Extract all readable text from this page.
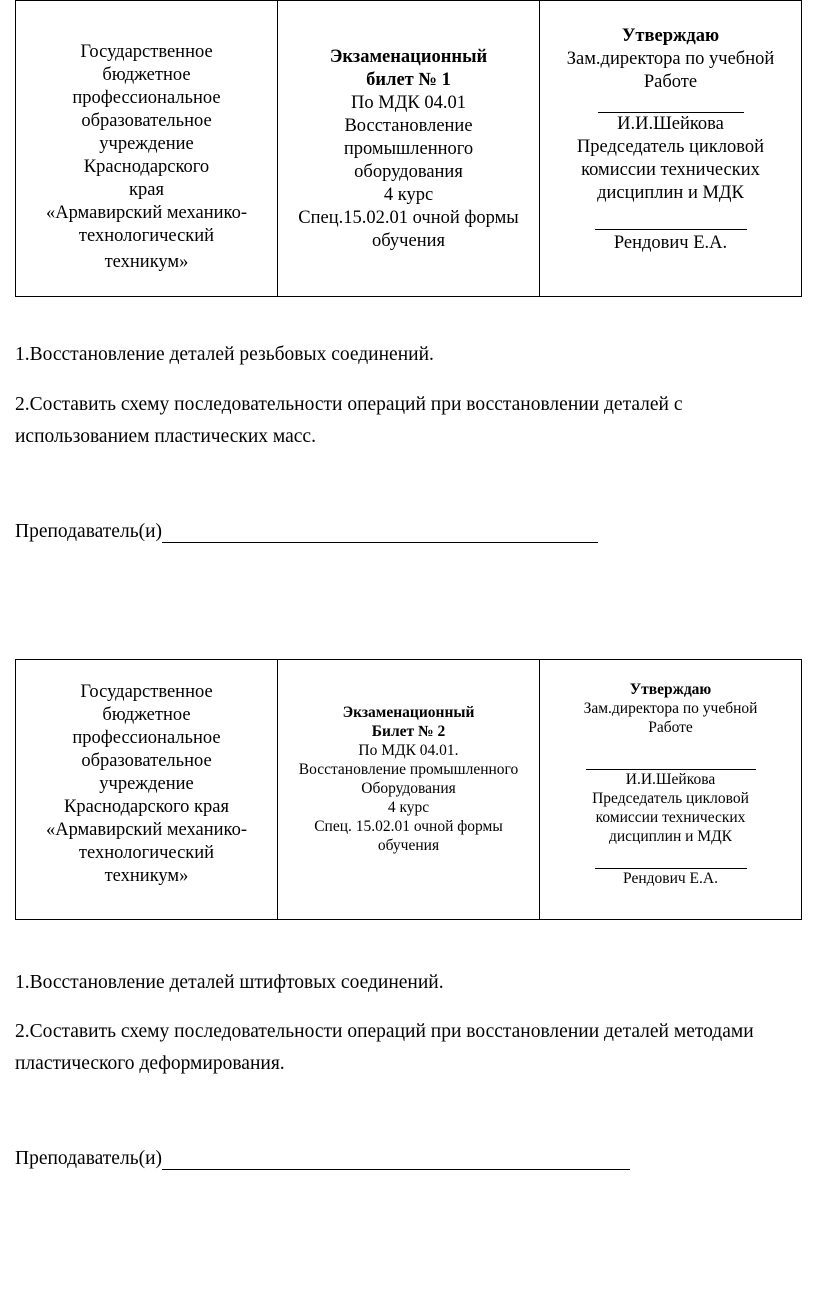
Государственное
бюджетное
профессиональное
образовательное
учреждение
Краснодарского
края
«Армавирский механико-
технологический
техникум»

Экзаменационный
билет № 1
По МДК 04.01
Восстановление
промышленного
оборудования
4 курс
Спец.15.02.01 очной формы
обучения

Утверждаю
Зам.директора по учебной
Работе
И.И.Шейкова
Председатель цикловой
комиссии технических
дисциплин и МДК
Рендович Е.А.

1.Восстановление деталей резьбовых соединений.

2.Составить схему последовательности операций при восстановлении деталей с использованием пластических масс.

Преподаватель(и)
Государственное
бюджетное
профессиональное
образовательное
учреждение
Краснодарского края
«Армавирский механико-
технологический
техникум»

Экзаменационный
Билет № 2
По МДК 04.01.
Восстановление промышленного
Оборудования
4 курс
Спец. 15.02.01 очной формы
обучения

Утверждаю
Зам.директора по учебной
Работе
И.И.Шейкова
Председатель цикловой
комиссии технических
дисциплин и МДК
Рендович Е.А.

1.Восстановление деталей штифтовых соединений.

2.Составить схему последовательности операций при восстановлении деталей методами пластического деформирования.

Преподаватель(и)
